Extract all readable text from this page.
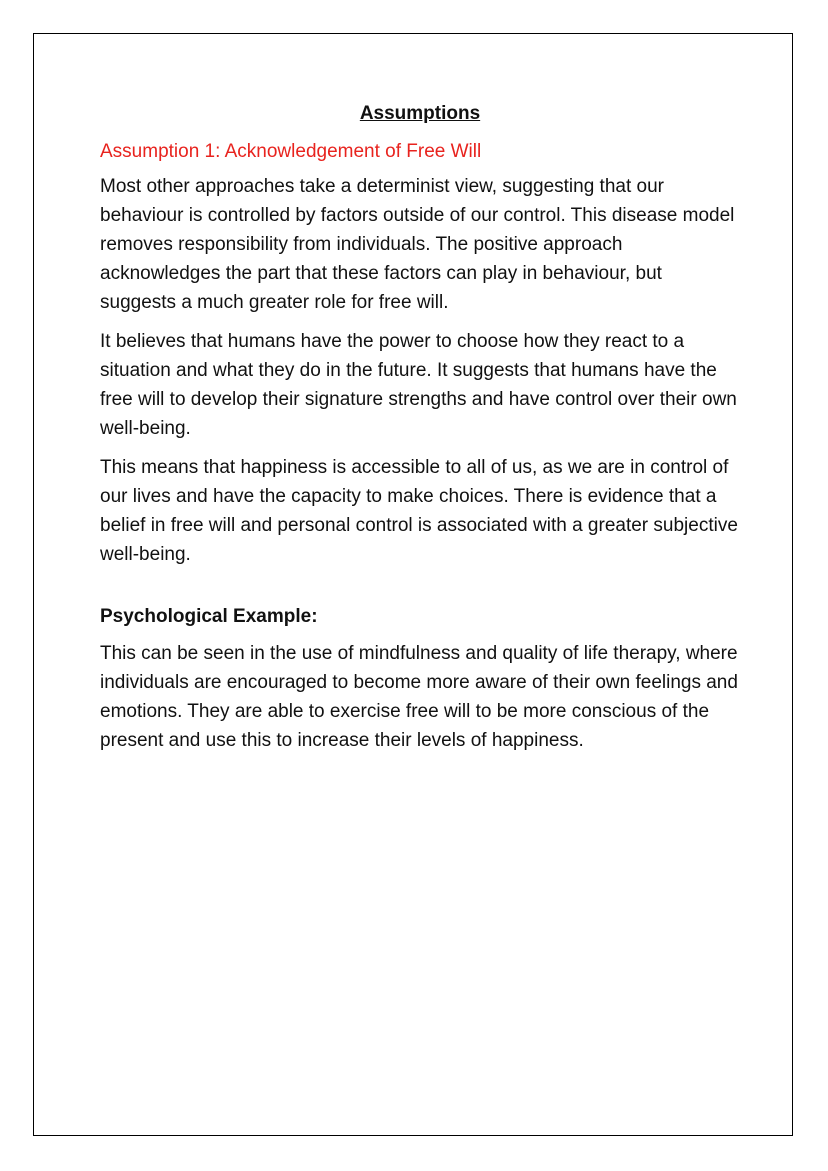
Assumptions
Assumption 1: Acknowledgement of Free Will

Most other approaches take a determinist view, suggesting that our behaviour is controlled by factors outside of our control. This disease model removes responsibility from individuals. The positive approach acknowledges the part that these factors can play in behaviour, but suggests a much greater role for free will.

It believes that humans have the power to choose how they react to a situation and what they do in the future. It suggests that humans have the free will to develop their signature strengths and have control over their own well-being.

This means that happiness is accessible to all of us, as we are in control of our lives and have the capacity to make choices. There is evidence that a belief in free will and personal control is associated with a greater subjective well-being.

Psychological Example:

This can be seen in the use of mindfulness and quality of life therapy, where individuals are encouraged to become more aware of their own feelings and emotions. They are able to exercise free will to be more conscious of the present and use this to increase their levels of happiness.
